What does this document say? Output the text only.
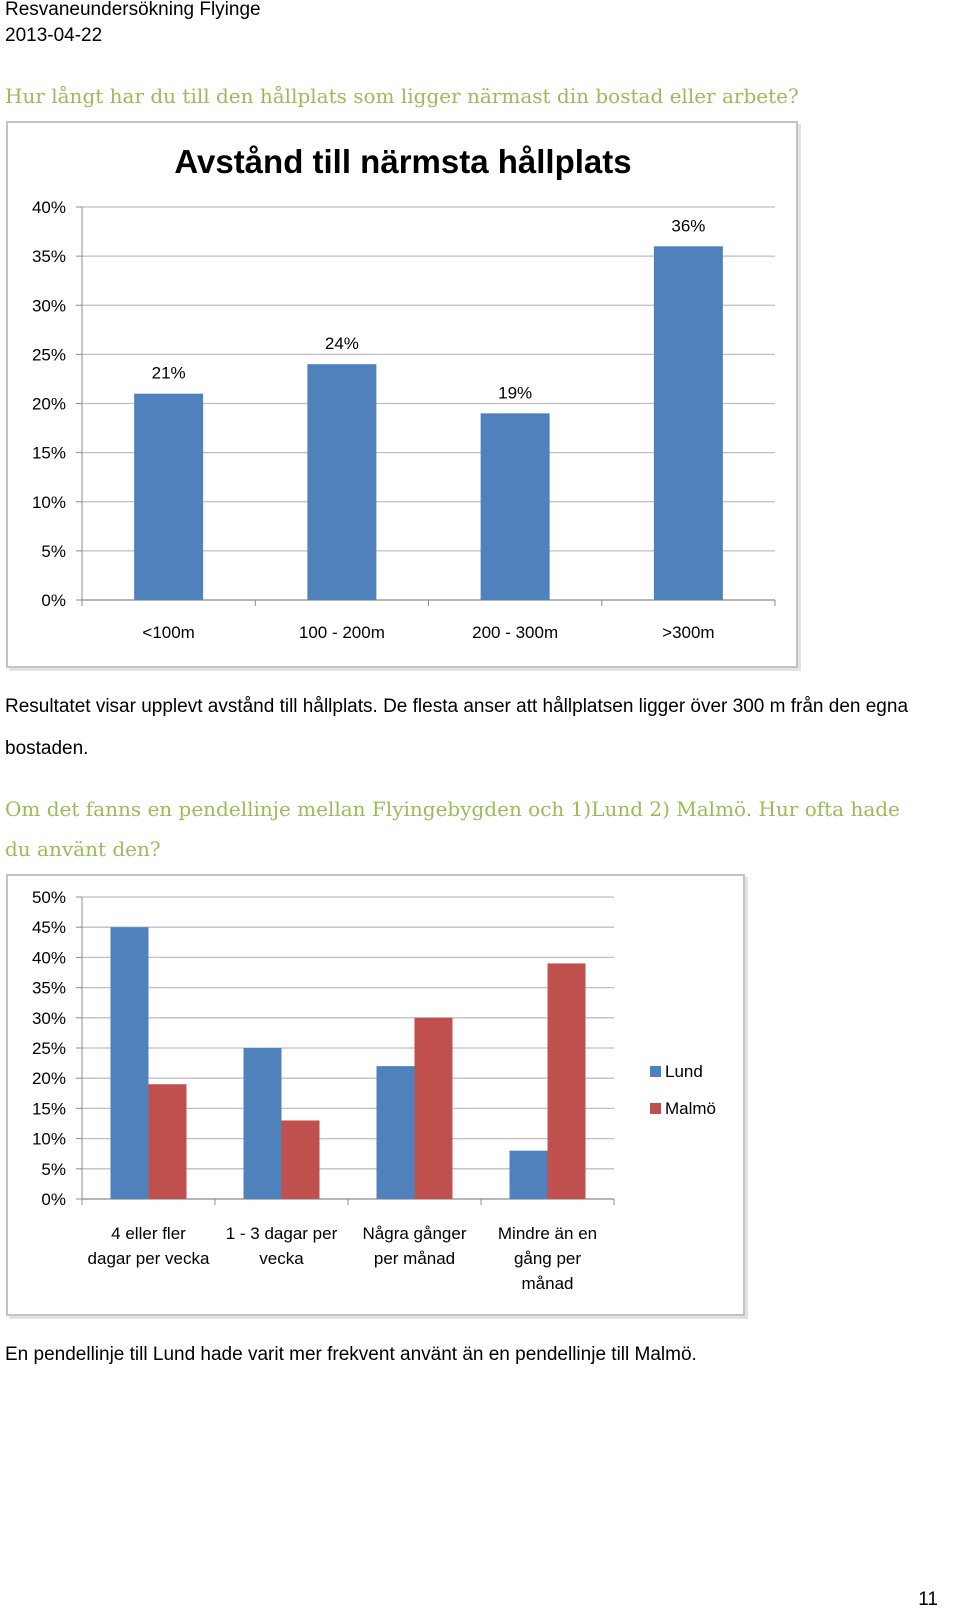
Resvaneundersökning Flyinge
2013-04-22
Hur långt har du till den hållplats som ligger närmast din bostad eller arbete?
Avstånd till närmsta hållplats
0%
5%
10%
15%
20%
25%
30%
35%
40%
21%
<100m
24%
100 - 200m
19%
200 - 300m
36%
>300m
Resultatet visar upplevt avstånd till hållplats. De flesta anser att hållplatsen ligger över 300 m från den egna bostaden.
Om det fanns en pendellinje mellan Flyingebygden och 1)Lund 2) Malmö. Hur ofta hade du använt den?
0%
5%
10%
15%
20%
25%
30%
35%
40%
45%
50%
4 eller fler
dagar per vecka
1 - 3 dagar per
vecka
Några gånger
per månad
Mindre än en
gång per
månad
Lund
Malmö
En pendellinje till Lund hade varit mer frekvent använt än en pendellinje till Malmö.
11
